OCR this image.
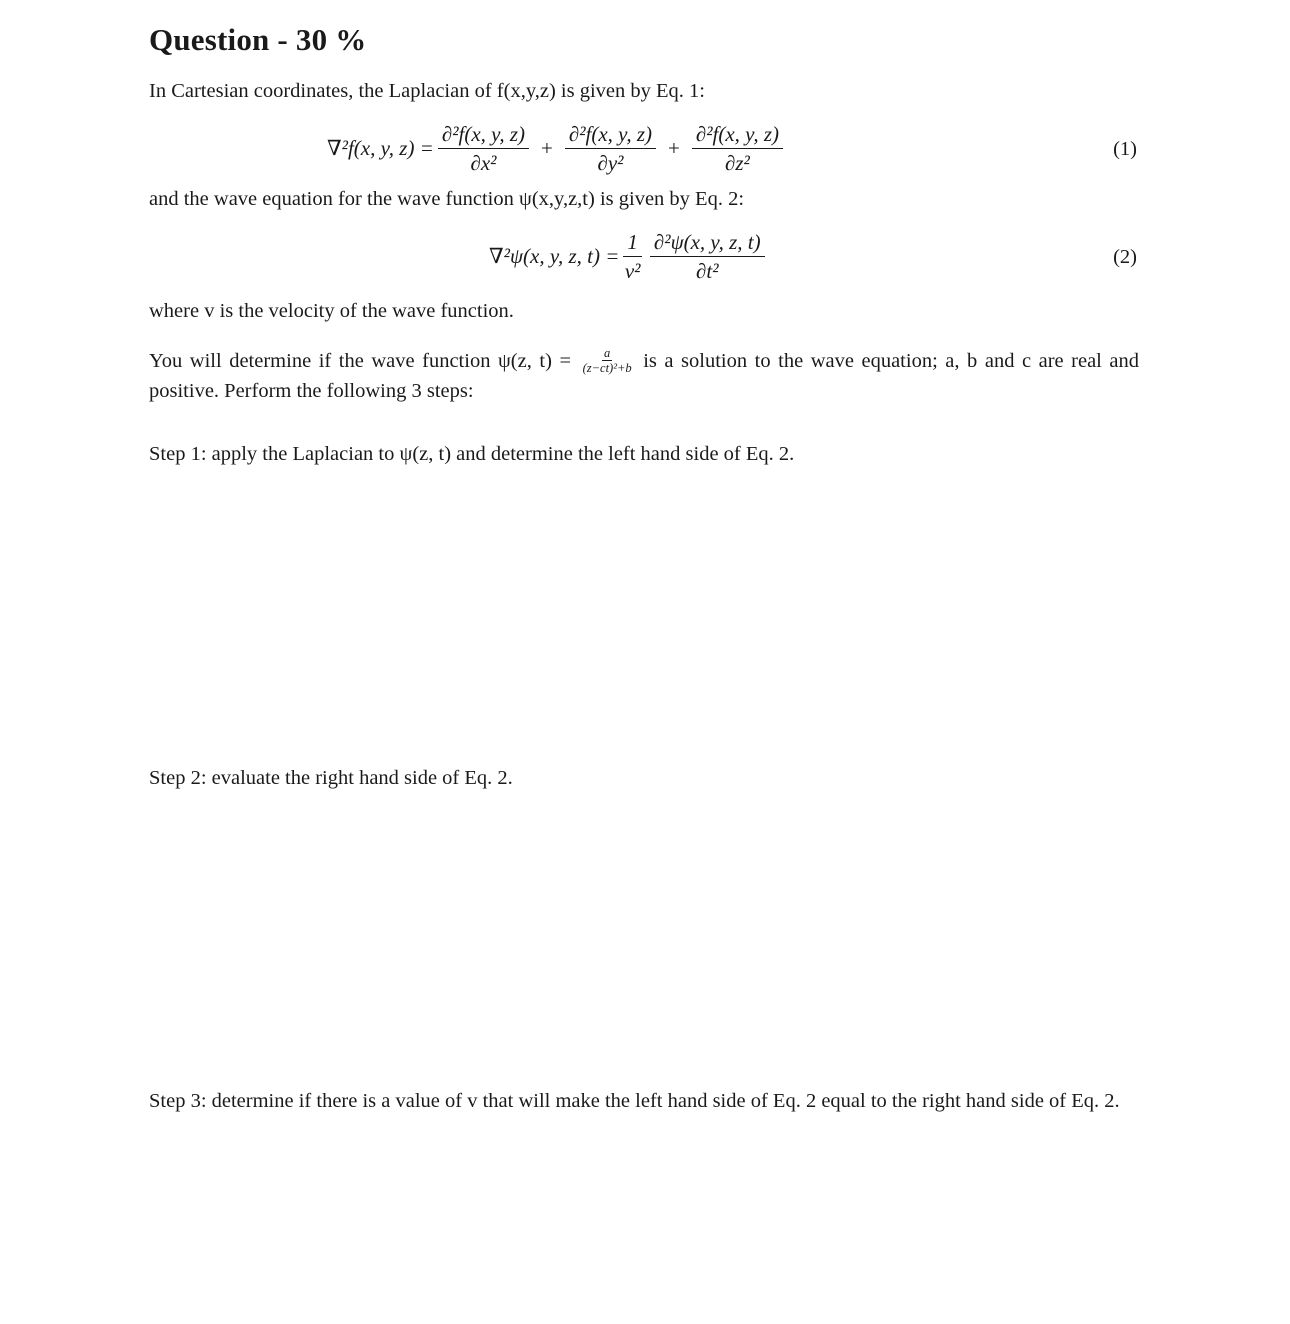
Question - 30 %
In Cartesian coordinates, the Laplacian of f(x,y,z) is given by Eq. 1:
∇²f(x, y, $z) = \frac{\text{∂²f(x, y, z)}}{\text{∂x²}} + \frac{\text{∂²f(x, y, z)}}{\text{∂y²}} + \frac{\text{∂²f(x, y, z)}}{\text{∂z²}}$	(1)
and the wave equation for the wave function ψ(x,y,z,t) is given by Eq. 2:
∇²ψ(x, y, z, $t) = \frac{1}{\text{v²}} \frac{\text{∂²ψ(x, y, z, t)}}{\text{∂t²}}$	(2)
where v is the velocity of the wave function.
You will determine if the wave function ψ(z, $t) = \frac{a}{\text{(z−ct)²+b}}$ is a solution to the wave equation; a, b and c are real and positive. Perform the following 3 steps:
Step 1: apply the Laplacian to ψ(z, t) and determine the left hand side of Eq. 2.
Step 2: evaluate the right hand side of Eq. 2.
Step 3: determine if there is a value of v that will make the left hand side of Eq. 2 equal to the right hand side of Eq. 2.
